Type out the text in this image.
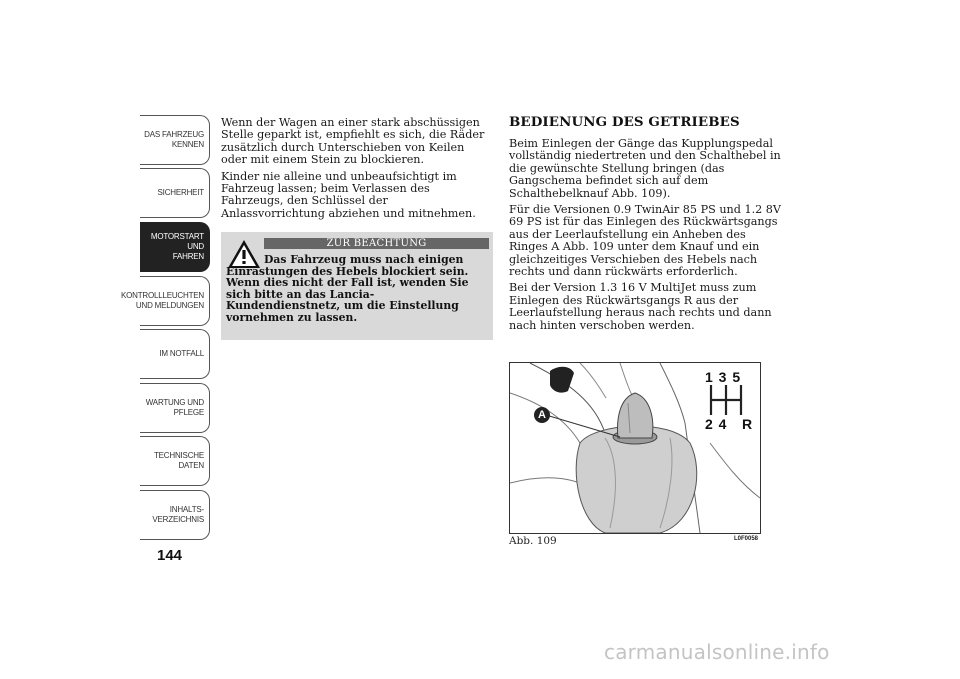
DAS FAHRZEUG
KENNEN
SICHERHEIT
MOTORSTART UND
FAHREN
KONTROLLLEUCHTEN
UND MELDUNGEN
IM NOTFALL
WARTUNG UND
PFLEGE
TECHNISCHE
DATEN
INHALTS-
VERZEICHNIS
144

Wenn der Wagen an einer stark abschüssigen Stelle geparkt ist, empfiehlt es sich, die Räder zusätzlich durch Unterschieben von Keilen oder mit einem Stein zu blockieren.

Kinder nie alleine und unbeaufsichtigt im Fahrzeug lassen; beim Verlassen des Fahrzeugs, den Schlüssel der Anlassvorrichtung abziehen und mitnehmen.

ZUR BEACHTUNG
Das Fahrzeug muss nach einigen Einrastungen des Hebels blockiert sein. Wenn dies nicht der Fall ist, wenden Sie sich bitte an das Lancia-Kundendienstnetz, um die Einstellung vornehmen zu lassen.
BEDIENUNG DES GETRIEBES

Beim Einlegen der Gänge das Kupplungspedal vollständig niedertreten und den Schalthebel in die gewünschte Stellung bringen (das Gangschema befindet sich auf dem Schalthebelknauf Abb. 109).

Für die Versionen 0.9 TwinAir 85 PS und 1.2 8V 69 PS ist für das Einlegen des Rückwärtsgangs aus der Leerlaufstellung ein Anheben des Ringes A Abb. 109 unter dem Knauf und ein gleichzeitiges Verschieben des Hebels nach rechts und dann rückwärts erforderlich.

Bei der Version 1.3 16 V MultiJet muss zum Einlegen des Rückwärtsgangs R aus der Leerlaufstellung heraus nach rechts und dann nach hinten verschoben werden.

A
1 3 5
2 4 R
Abb. 109	L0F0058
carmanualsonline.info
